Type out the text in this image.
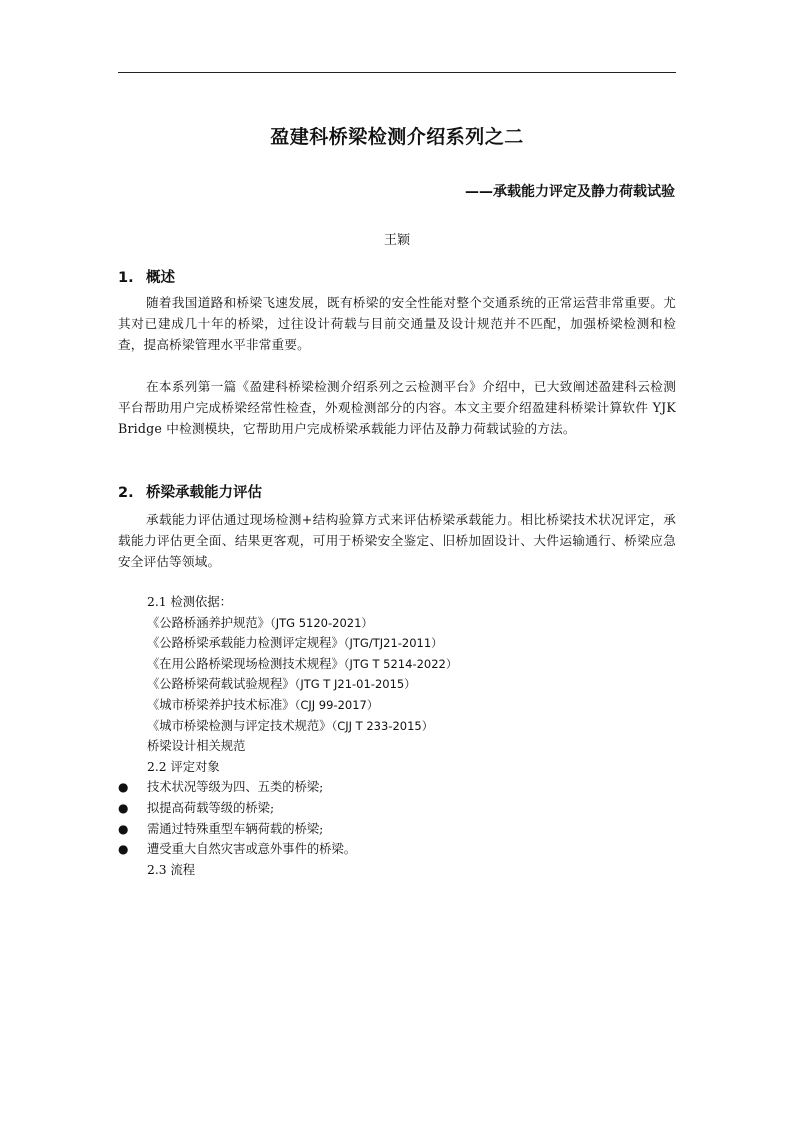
盈建科桥梁检测介绍系列之二
——承载能力评定及静力荷载试验
王颖
1. 概述
随着我国道路和桥梁飞速发展，既有桥梁的安全性能对整个交通系统的正常运营非常重要。尤其对已建成几十年的桥梁，过往设计荷载与目前交通量及设计规范并不匹配，加强桥梁检测和检查，提高桥梁管理水平非常重要。
在本系列第一篇《盈建科桥梁检测介绍系列之云检测平台》介绍中，已大致阐述盈建科云检测平台帮助用户完成桥梁经常性检查，外观检测部分的内容。本文主要介绍盈建科桥梁计算软件 YJK Bridge 中检测模块，它帮助用户完成桥梁承载能力评估及静力荷载试验的方法。
2. 桥梁承载能力评估
承载能力评估通过现场检测+结构验算方式来评估桥梁承载能力。相比桥梁技术状况评定，承载能力评估更全面、结果更客观，可用于桥梁安全鉴定、旧桥加固设计、大件运输通行、桥梁应急安全评估等领域。
2.1 检测依据：
《公路桥涵养护规范》（JTG 5120-2021）
《公路桥梁承载能力检测评定规程》（JTG/TJ21-2011）
《在用公路桥梁现场检测技术规程》（JTG T 5214-2022）
《公路桥梁荷载试验规程》（JTG T J21-01-2015）
《城市桥梁养护技术标准》（CJJ 99-2017）
《城市桥梁检测与评定技术规范》（CJJ T 233-2015）
桥梁设计相关规范
2.2 评定对象
● 技术状况等级为四、五类的桥梁;
● 拟提高荷载等级的桥梁;
● 需通过特殊重型车辆荷载的桥梁;
● 遭受重大自然灾害或意外事件的桥梁。
2.3 流程
